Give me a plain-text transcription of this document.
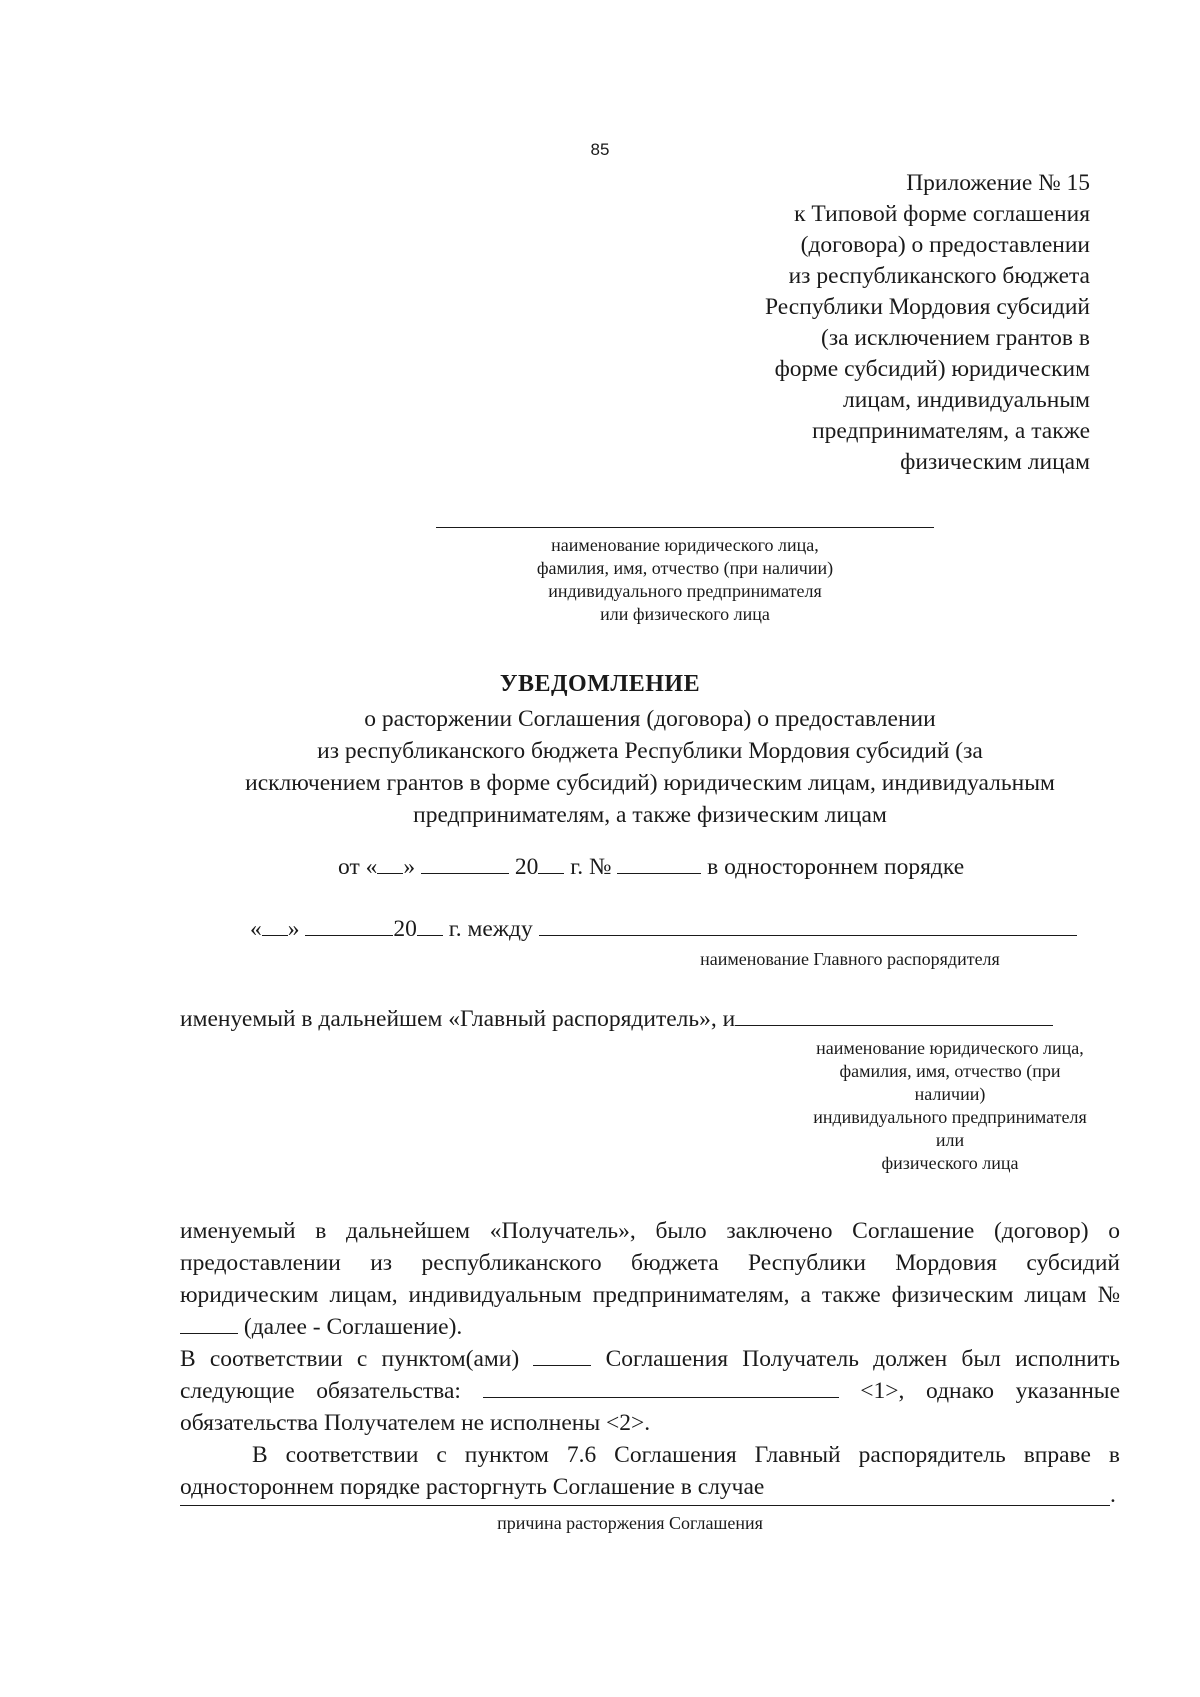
85
Приложение № 15
к Типовой форме соглашения
(договора) о предоставлении
из республиканского бюджета
Республики Мордовия субсидий
(за исключением грантов в
форме субсидий) юридическим
лицам, индивидуальным
предпринимателям, а также
физическим лицам
наименование юридического лица,
фамилия, имя, отчество (при наличии)
индивидуального предпринимателя
или физического лица
УВЕДОМЛЕНИЕ
о расторжении Соглашения (договора) о предоставлении
из республиканского бюджета Республики Мордовия субсидий (за
исключением грантов в форме субсидий) юридическим лицам, индивидуальным
предпринимателям, а также физическим лицам
от « »	20 г. №	в одностороннем порядке
« »	20 г. между
наименование Главного распорядителя
именуемый в дальнейшем «Главный распорядитель», и
наименование юридического лица,
фамилия, имя, отчество (при
наличии)
индивидуального предпринимателя
или
физического лица

именуемый в дальнейшем «Получатель», было заключено Соглашение (договор) о предоставлении из республиканского бюджета Республики Мордовия субсидий юридическим лицам, индивидуальным предпринимателям, а также физическим лицам №  (далее - Соглашение).

В соответствии с пунктом(ами)	Соглашения Получатель должен был исполнить следующие обязательства:	<1>, однако указанные обязательства Получателем не исполнены <2>.

В соответствии с пунктом 7.6 Соглашения Главный распорядитель вправе в одностороннем порядке расторгнуть Соглашение в случае	.
причина расторжения Соглашения
